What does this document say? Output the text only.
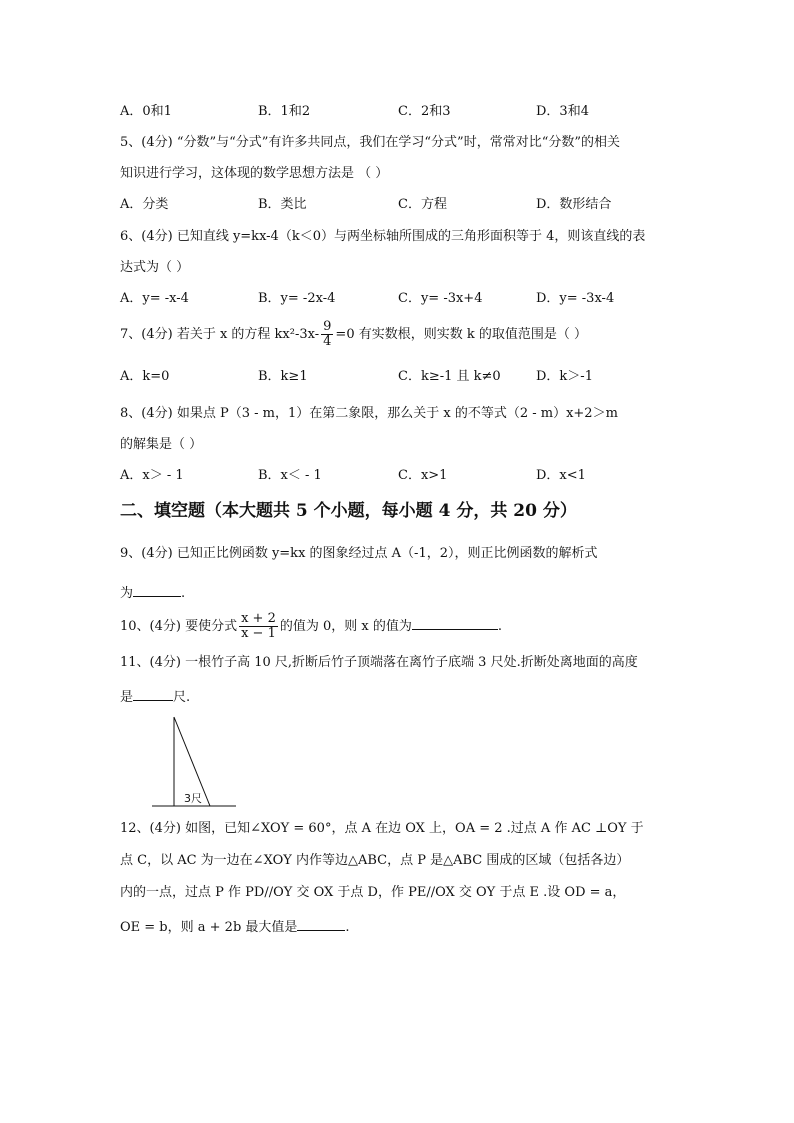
A．0和1	B．1和2	C．2和3	D．3和4
5、(4分) “分数”与“分式”有许多共同点，我们在学习“分式”时，常常对比“分数”的相关
知识进行学习，这体现的数学思想方法是 （ ）
A．分类	B．类比	C．方程	D．数形结合
6、(4分) 已知直线 y=kx-4（k＜0）与两坐标轴所围成的三角形面积等于 4，则该直线的表
达式为（ ）
A．y= -x-4	B．y= -2x-4	C．y= -3x+4	D．y= -3x-4
7、(4分) 若关于 x 的方程 $kx^2-3x- \frac{9}{4} =0$ 有实数根，则实数 k 的取值范围是（ ）
A．k=0	B．k≥1	C．k≥-1 且 k≠0	D．k＞-1
8、(4分) 如果点 P（3 - m，1）在第二象限，那么关于 x 的不等式（2 - m）x+2＞m
的解集是（ ）
A．x＞ - 1	B．x＜ - 1	C．x>1	D．x<1
二、填空题（本大题共 5 个小题，每小题 4 分，共 20 分）
9、(4分) 已知正比例函数 y=kx 的图象经过点 A（-1，2），则正比例函数的解析式
为	.
10、(4分) 要使分式 $\frac{x + 2}{x - 1}$ 的值为 0，则 x 的值为	.
11、(4分) 一根竹子高 10 尺,折断后竹子顶端落在离竹子底端 3 尺处.折断处离地面的高度
是	尺.
3尺
12、(4分) 如图，已知∠XOY = 60°，点 A 在边 OX 上，OA = 2 .过点 A 作 AC ⊥OY 于
点 C，以 AC 为一边在∠XOY 内作等边△ABC，点 P 是△ABC 围成的区域（包括各边）
内的一点，过点 P 作 PD//OY 交 OX 于点 D，作 PE//OX 交 OY 于点 E .设 OD = a，
OE = b，则 a + 2b 最大值是	.
